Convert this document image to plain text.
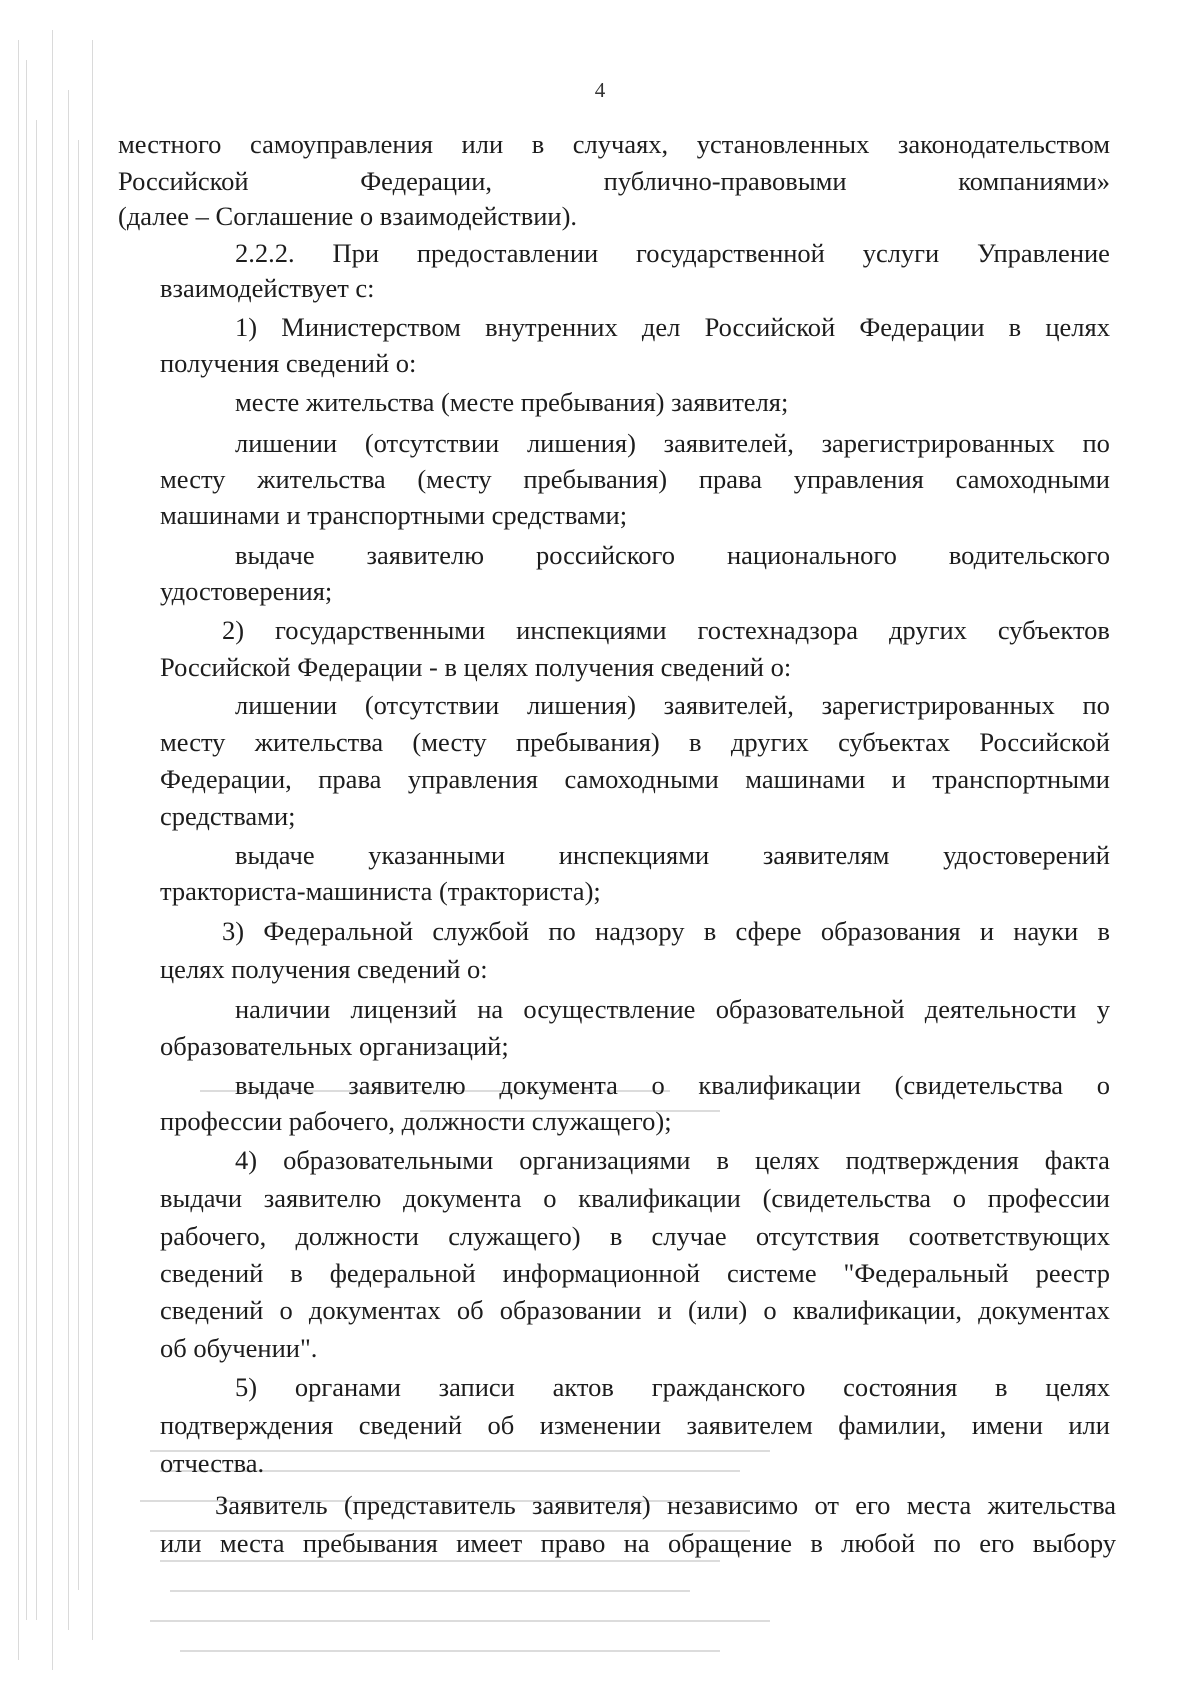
4
местного самоуправления или в случаях, установленных законодательством
Российской	Федерации,	публично-правовыми	компаниями»
(далее – Соглашение о взаимодействии).
2.2.2. При предоставлении государственной услуги Управление
взаимодействует с:
1) Министерством внутренних дел Российской Федерации в целях
получения сведений о:
месте жительства (месте пребывания) заявителя;
лишении (отсутствии лишения) заявителей, зарегистрированных по
месту жительства (месту пребывания) права управления самоходными
машинами и транспортными средствами;
выдаче заявителю российского национального водительского
удостоверения;
2) государственными инспекциями гостехнадзора других субъектов
Российской Федерации - в целях получения сведений о:
лишении (отсутствии лишения) заявителей, зарегистрированных по
месту жительства (месту пребывания) в других субъектах Российской
Федерации, права управления самоходными машинами и транспортными
средствами;
выдаче указанными инспекциями заявителям удостоверений
тракториста-машиниста (тракториста);
3) Федеральной службой по надзору в сфере образования и науки в
целях получения сведений о:
наличии лицензий на осуществление образовательной деятельности у
образовательных организаций;
выдаче заявителю документа о квалификации (свидетельства о
профессии рабочего, должности служащего);
4) образовательными организациями в целях подтверждения факта
выдачи заявителю документа о квалификации (свидетельства о профессии
рабочего, должности служащего) в случае отсутствия соответствующих
сведений в федеральной информационной системе "Федеральный реестр
сведений о документах об образовании и (или) о квалификации, документах
об обучении".
5) органами записи актов гражданского состояния в целях
подтверждения сведений об изменении заявителем фамилии, имени или
отчества.
Заявитель (представитель заявителя) независимо от его места жительства
или места пребывания имеет право на обращение в любой по его выбору
